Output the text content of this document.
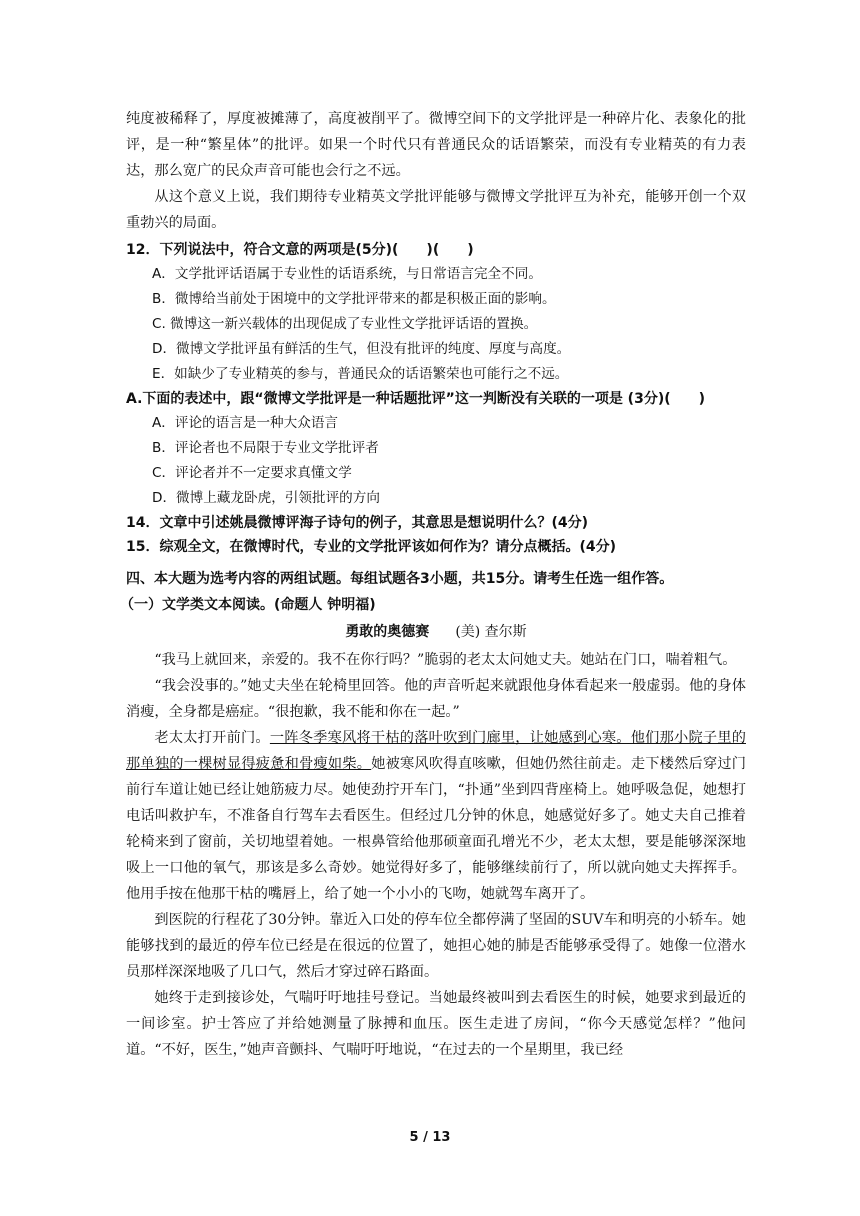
纯度被稀释了，厚度被摊薄了，高度被削平了。微博空间下的文学批评是一种碎片化、表象化的批评，是一种“繁星体”的批评。如果一个时代只有普通民众的话语繁荣，而没有专业精英的有力表达，那么宽广的民众声音可能也会行之不远。

从这个意义上说，我们期待专业精英文学批评能够与微博文学批评互为补充，能够开创一个双重勃兴的局面。

12．下列说法中，符合文意的两项是(5分)(　　)(　　)

A．文学批评话语属于专业性的话语系统，与日常语言完全不同。

B．微博给当前处于困境中的文学批评带来的都是积极正面的影响。

C. 微博这一新兴载体的出现促成了专业性文学批评话语的置换。

D．微博文学批评虽有鲜活的生气，但没有批评的纯度、厚度与高度。

E．如缺少了专业精英的参与，普通民众的话语繁荣也可能行之不远。

A.下面的表述中，跟“微博文学批评是一种话题批评”这一判断没有关联的一项是 (3分)(　　)

A．评论的语言是一种大众语言

B．评论者也不局限于专业文学批评者

C．评论者并不一定要求真懂文学

D．微博上藏龙卧虎，引领批评的方向

14．文章中引述姚晨微博评海子诗句的例子，其意思是想说明什么？(4分)

15．综观全文，在微博时代，专业的文学批评该如何作为？请分点概括。(4分)

四、本大题为选考内容的两组试题。每组试题各3小题，共15分。请考生任选一组作答。

（一）文学类文本阅读。(命题人 钟明福)

勇敢的奥德赛 (美) 查尔斯

“我马上就回来，亲爱的。我不在你行吗？”脆弱的老太太问她丈夫。她站在门口，喘着粗气。

“我会没事的。”她丈夫坐在轮椅里回答。他的声音听起来就跟他身体看起来一般虚弱。他的身体消瘦，全身都是癌症。“很抱歉，我不能和你在一起。”

老太太打开前门。一阵冬季寒风将干枯的落叶吹到门廊里，让她感到心寒。他们那小院子里的那单独的一棵树显得疲惫和骨瘦如柴。她被寒风吹得直咳嗽，但她仍然往前走。走下楼然后穿过门前行车道让她已经让她筋疲力尽。她使劲拧开车门，“扑通”坐到四背座椅上。她呼吸急促，她想打电话叫救护车，不准备自行驾车去看医生。但经过几分钟的休息，她感觉好多了。她丈夫自己推着轮椅来到了窗前，关切地望着她。一根鼻管给他那硕童面孔增光不少，老太太想，要是能够深深地吸上一口他的氧气，那该是多么奇妙。她觉得好多了，能够继续前行了，所以就向她丈夫挥挥手。他用手按在他那干枯的嘴唇上，给了她一个小小的飞吻，她就驾车离开了。

到医院的行程花了30分钟。靠近入口处的停车位全都停满了坚固的SUV车和明亮的小轿车。她能够找到的最近的停车位已经是在很远的位置了，她担心她的肺是否能够承受得了。她像一位潜水员那样深深地吸了几口气，然后才穿过碎石路面。

她终于走到接诊处，气喘吁吁地挂号登记。当她最终被叫到去看医生的时候，她要求到最近的一间诊室。护士答应了并给她测量了脉搏和血压。医生走进了房间，“你今天感觉怎样？”他问道。“不好，医生，”她声音颤抖、气喘吁吁地说，“在过去的一个星期里，我已经

5 / 13
